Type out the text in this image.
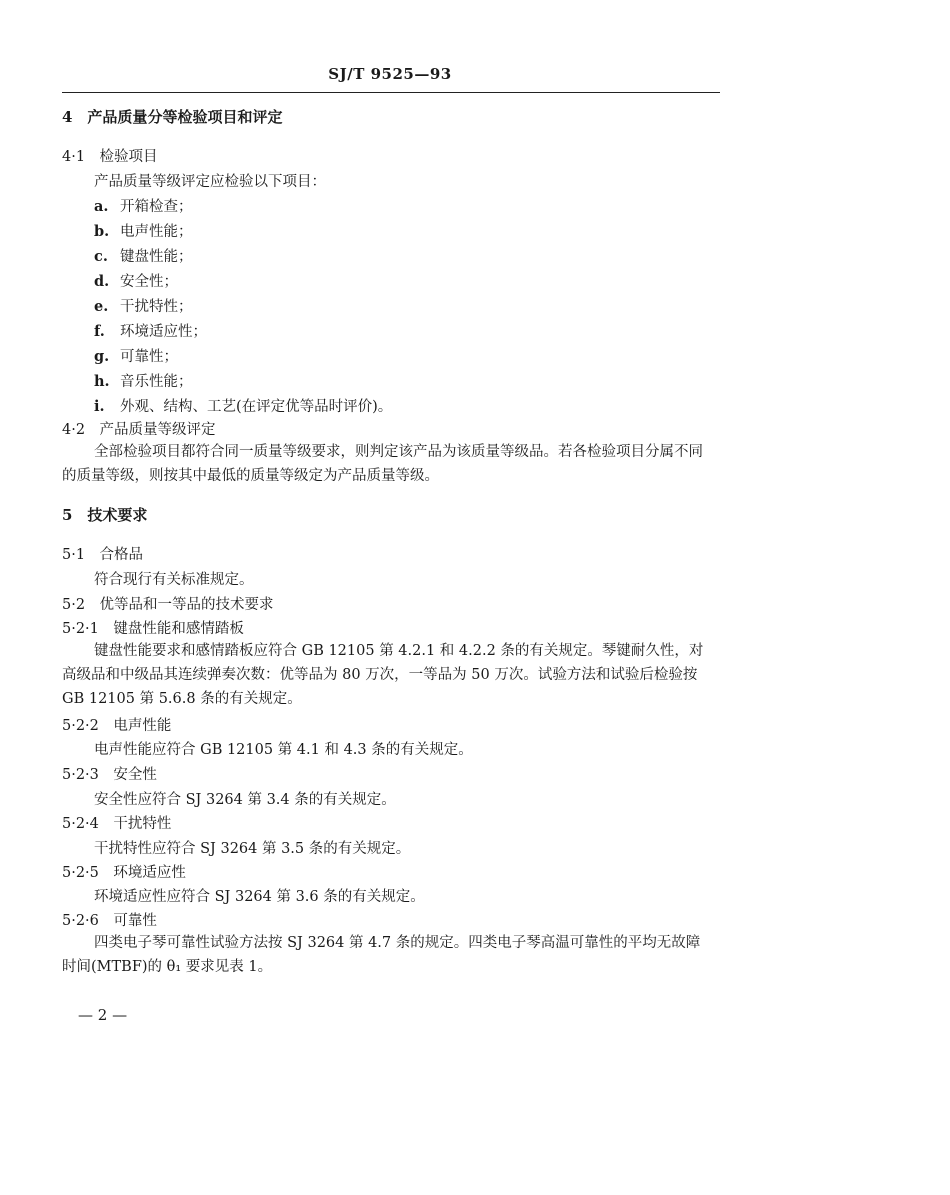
SJ/T 9525—93
4　产品质量分等检验项目和评定
4·1　检验项目
产品质量等级评定应检验以下项目：
a. 开箱检查；
b. 电声性能；
c. 键盘性能；
d. 安全性；
e. 干扰特性；
f. 环境适应性；
g. 可靠性；
h. 音乐性能；
i. 外观、结构、工艺(在评定优等品时评价)。
4·2　产品质量等级评定
全部检验项目都符合同一质量等级要求，则判定该产品为该质量等级品。若各检验项目分属不同的质量等级，则按其中最低的质量等级定为产品质量等级。
5　技术要求
5·1　合格品
符合现行有关标准规定。
5·2　优等品和一等品的技术要求
5·2·1　键盘性能和感情踏板
键盘性能要求和感情踏板应符合 GB 12105 第 4.2.1 和 4.2.2 条的有关规定。琴键耐久性，对高级品和中级品其连续弹奏次数：优等品为 80 万次，一等品为 50 万次。试验方法和试验后检验按 GB 12105 第 5.6.8 条的有关规定。
5·2·2　电声性能
电声性能应符合 GB 12105 第 4.1 和 4.3 条的有关规定。
5·2·3　安全性
安全性应符合 SJ 3264 第 3.4 条的有关规定。
5·2·4　干扰特性
干扰特性应符合 SJ 3264 第 3.5 条的有关规定。
5·2·5　环境适应性
环境适应性应符合 SJ 3264 第 3.6 条的有关规定。
5·2·6　可靠性
四类电子琴可靠性试验方法按 SJ 3264 第 4.7 条的规定。四类电子琴高温可靠性的平均无故障时间(MTBF)的 θ₁ 要求见表 1。
— 2 —
